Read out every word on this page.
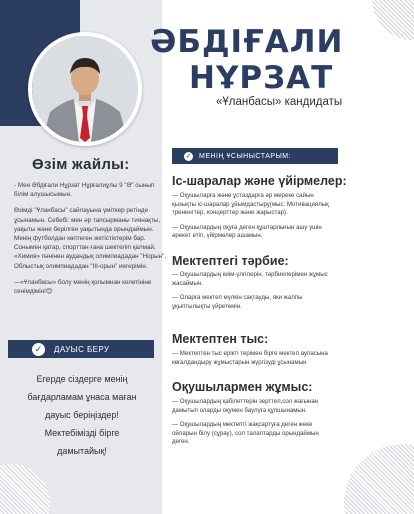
ӘБДІҒАЛИ
НҰРЗАТ
«Ұланбасы» кандидаты
Өзім жайлы:

- Мен Әбдіғали Нұрзат Нұрғалиұлы 9 "Ә" сынып білім алушысымын.

Өзімді "Ұланбасы" сайлауына үміткер ретінде ұсынамын. Себебі: мен әр тапсырманы тиянақты, уақыты және берілген уақытында орындаймын. Менің футболдан көптеген жетістіктерім бар. Сонымен қатар, спорттан ғана шектеліп қалмай, «Химия» пәнінен аудандық олимпиададан "Норын", Облыстық олимпиададан "ІІІ-орын" иегерімін.

—«Ұланбасы» болу менің қолымнан келетініне сенімдімін!😊

✓	ДАУЫС БЕРУ
Егерде сіздерге менің
бағдарламам ұнаса маған
дауыс беріңіздер!
Мектебімізді бірге
дамытайық!
✓ МЕНІҢ ҰСЫНЫСТАРЫМ:
Іс-шаралар және үйірмелер:

— Оқушыларға және ұстаздарға әр мереке сайын қызықты іс-шаралар ұйымдастыру(мыс: Мотивациялық тренингтер, концерттер және жарыстар).

— Оқушылардың оқуға деген құштарлығын ашу үшін әрекет етіп, үйірмелер ашамын.

Мектептегі тәрбие:

— Оқушылардың киім-үлгілерін, тәрбиелерімен жұмыс жасаймын.

— Оларға мектеп мүлкін сақтауды, яки жалпы ұқыптылықты үйретемін.

Мектептен тыс:

— Мектептен тыс ерікті терімен бірге мектеп ауласына көгалдандыру жұмыстарын жүргізуді ұсынамын

Оқушылармен жұмыс:

— Оқушылардың қабілеттерін зерттеп,сол жағынан дамытып оларды оқумен баулуға құлшынамын.

— Оқушылардың мектепті жақсартуға деген жеке ойларын білу (сұрау), сол талаптарды орындаймын деген.
